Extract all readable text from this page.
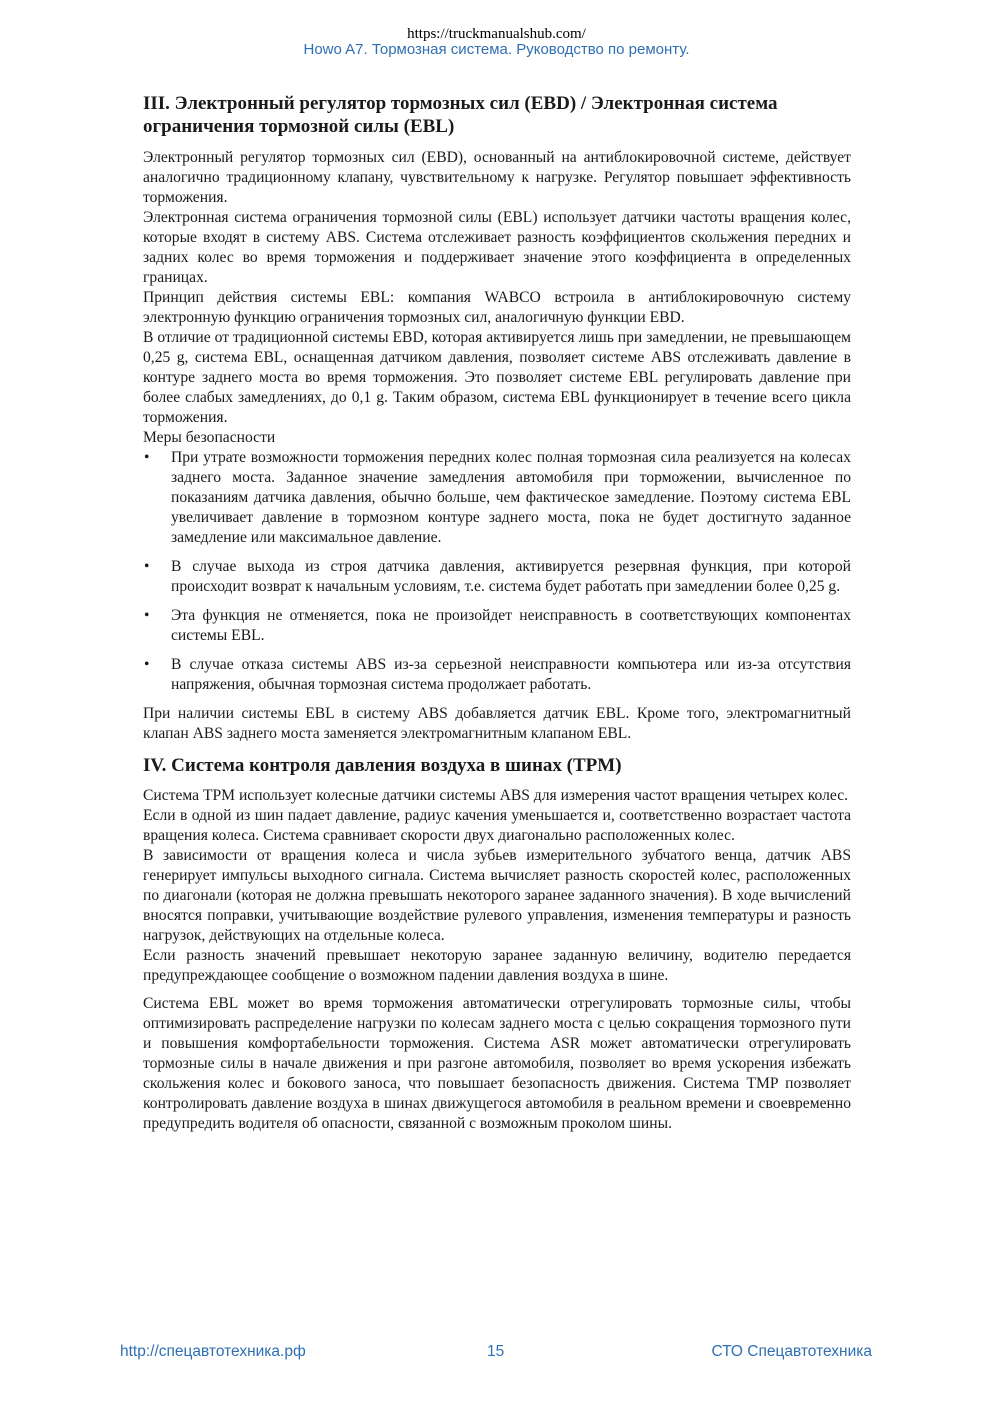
https://truckmanualshub.com/
Howo A7. Тормозная система. Руководство по ремонту.
III. Электронный регулятор тормозных сил (EBD) / Электронная система ограничения тормозной силы (EBL)

Электронный регулятор тормозных сил (EBD), основанный на антиблокировочной системе, действует аналогично традиционному клапану, чувствительному к нагрузке. Регулятор повышает эффективность торможения.

Электронная система ограничения тормозной силы (EBL) использует датчики частоты вращения колес, которые входят в систему ABS. Система отслеживает разность коэффициентов скольжения передних и задних колес во время торможения и поддерживает значение этого коэффициента в определенных границах.

Принцип действия системы EBL: компания WABCO встроила в антиблокировочную систему электронную функцию ограничения тормозных сил, аналогичную функции EBD.

В отличие от традиционной системы EBD, которая активируется лишь при замедлении, не превышающем 0,25 g, система EBL, оснащенная датчиком давления, позволяет системе ABS отслеживать давление в контуре заднего моста во время торможения. Это позволяет системе EBL регулировать давление при более слабых замедлениях, до 0,1 g. Таким образом, система EBL функционирует в течение всего цикла торможения.

Меры безопасности

• При утрате возможности торможения передних колес полная тормозная сила реализуется на колесах заднего моста. Заданное значение замедления автомобиля при торможении, вычисленное по показаниям датчика давления, обычно больше, чем фактическое замедление. Поэтому система EBL увеличивает давление в тормозном контуре заднего моста, пока не будет достигнуто заданное замедление или максимальное давление.
• В случае выхода из строя датчика давления, активируется резервная функция, при которой происходит возврат к начальным условиям, т.е. система будет работать при замедлении более 0,25 g.
• Эта функция не отменяется, пока не произойдет неисправность в соответствующих компонентах системы EBL.
• В случае отказа системы ABS из-за серьезной неисправности компьютера или из-за отсутствия напряжения, обычная тормозная система продолжает работать.

При наличии системы EBL в систему ABS добавляется датчик EBL. Кроме того, электромагнитный клапан ABS заднего моста заменяется электромагнитным клапаном EBL.

IV. Система контроля давления воздуха в шинах (TPM)

Система TPM использует колесные датчики системы ABS для измерения частот вращения четырех колес.

Если в одной из шин падает давление, радиус качения уменьшается и, соответственно возрастает частота вращения колеса. Система сравнивает скорости двух диагонально расположенных колес.

В зависимости от вращения колеса и числа зубьев измерительного зубчатого венца, датчик ABS генерирует импульсы выходного сигнала. Система вычисляет разность скоростей колес, расположенных по диагонали (которая не должна превышать некоторого заранее заданного значения). В ходе вычислений вносятся поправки, учитывающие воздействие рулевого управления, изменения температуры и разность нагрузок, действующих на отдельные колеса.

Если разность значений превышает некоторую заранее заданную величину, водителю передается предупреждающее сообщение о возможном падении давления воздуха в шине.

Система EBL может во время торможения автоматически отрегулировать тормозные силы, чтобы оптимизировать распределение нагрузки по колесам заднего моста с целью сокращения тормозного пути и повышения комфортабельности торможения. Система ASR может автоматически отрегулировать тормозные силы в начале движения и при разгоне автомобиля, позволяет во время ускорения избежать скольжения колес и бокового заноса, что повышает безопасность движения. Система TMP позволяет контролировать давление воздуха в шинах движущегося автомобиля в реальном времени и своевременно предупредить водителя об опасности, связанной с возможным проколом шины.

http://спецавтотехника.рф	15	СТО Спецавтотехника
